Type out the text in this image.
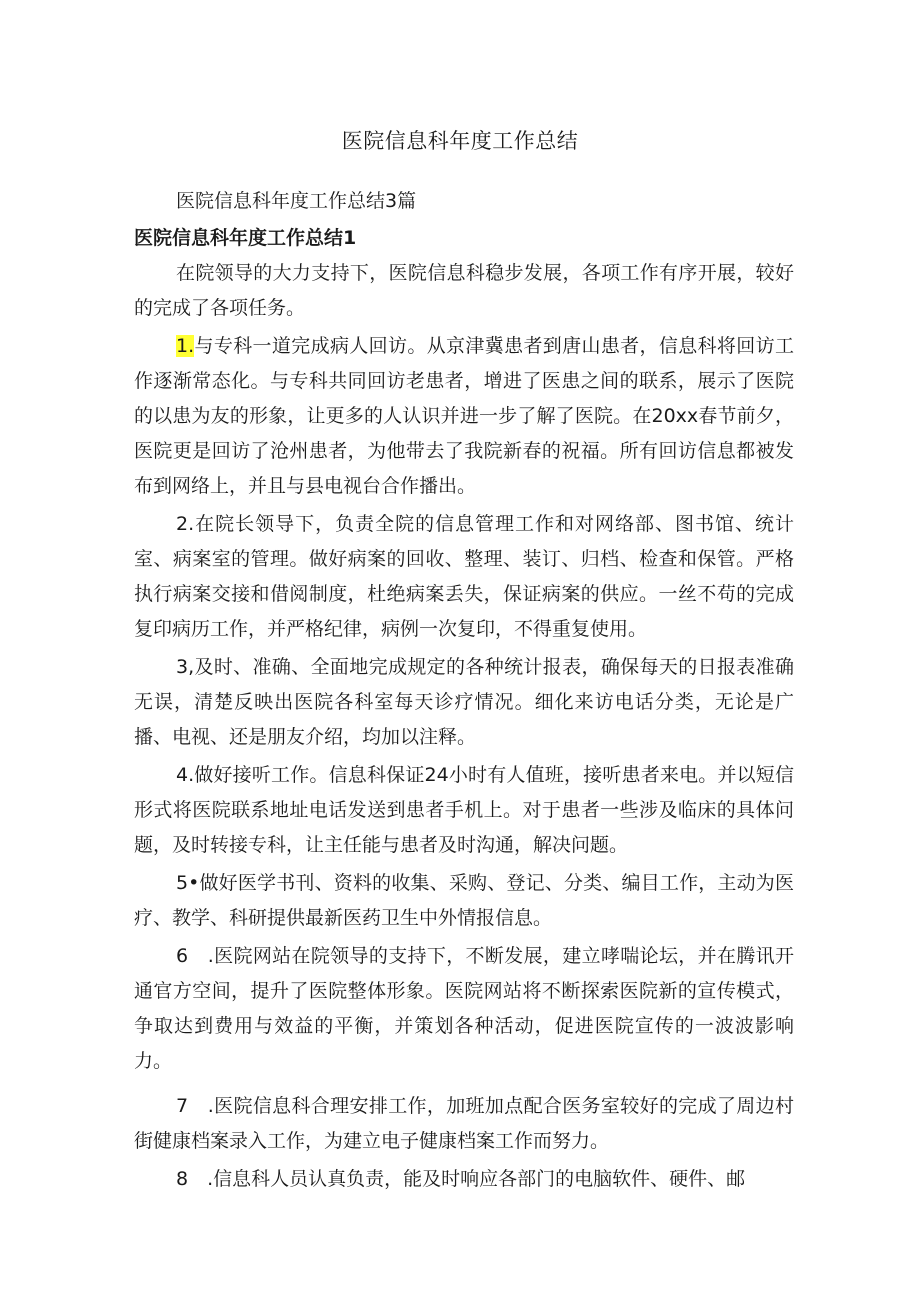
医院信息科年度工作总结
医院信息科年度工作总结3篇
医院信息科年度工作总结1

在院领导的大力支持下，医院信息科稳步发展，各项工作有序开展，较好的完成了各项任务。

1.与专科一道完成病人回访。从京津冀患者到唐山患者，信息科将回访工作逐渐常态化。与专科共同回访老患者，增进了医患之间的联系，展示了医院的以患为友的形象，让更多的人认识并进一步了解了医院。在20xx春节前夕，医院更是回访了沧州患者，为他带去了我院新春的祝福。所有回访信息都被发布到网络上，并且与县电视台合作播出。

2.在院长领导下，负责全院的信息管理工作和对网络部、图书馆、统计室、病案室的管理。做好病案的回收、整理、装订、归档、检查和保管。严格执行病案交接和借阅制度，杜绝病案丢失，保证病案的供应。一丝不苟的完成复印病历工作，并严格纪律，病例一次复印，不得重复使用。

3,及时、准确、全面地完成规定的各种统计报表，确保每天的日报表准确无误，清楚反映出医院各科室每天诊疗情况。细化来访电话分类，无论是广播、电视、还是朋友介绍，均加以注释。

4.做好接听工作。信息科保证24小时有人值班，接听患者来电。并以短信形式将医院联系地址电话发送到患者手机上。对于患者一些涉及临床的具体问题，及时转接专科，让主任能与患者及时沟通，解决问题。

5•做好医学书刊、资料的收集、采购、登记、分类、编目工作，主动为医疗、教学、科研提供最新医药卫生中外情报信息。

6　.医院网站在院领导的支持下，不断发展，建立哮喘论坛，并在腾讯开通官方空间，提升了医院整体形象。医院网站将不断探索医院新的宣传模式，争取达到费用与效益的平衡，并策划各种活动，促进医院宣传的一波波影响力。

7　.医院信息科合理安排工作，加班加点配合医务室较好的完成了周边村街健康档案录入工作，为建立电子健康档案工作而努力。

8　.信息科人员认真负责，能及时响应各部门的电脑软件、硬件、邮
